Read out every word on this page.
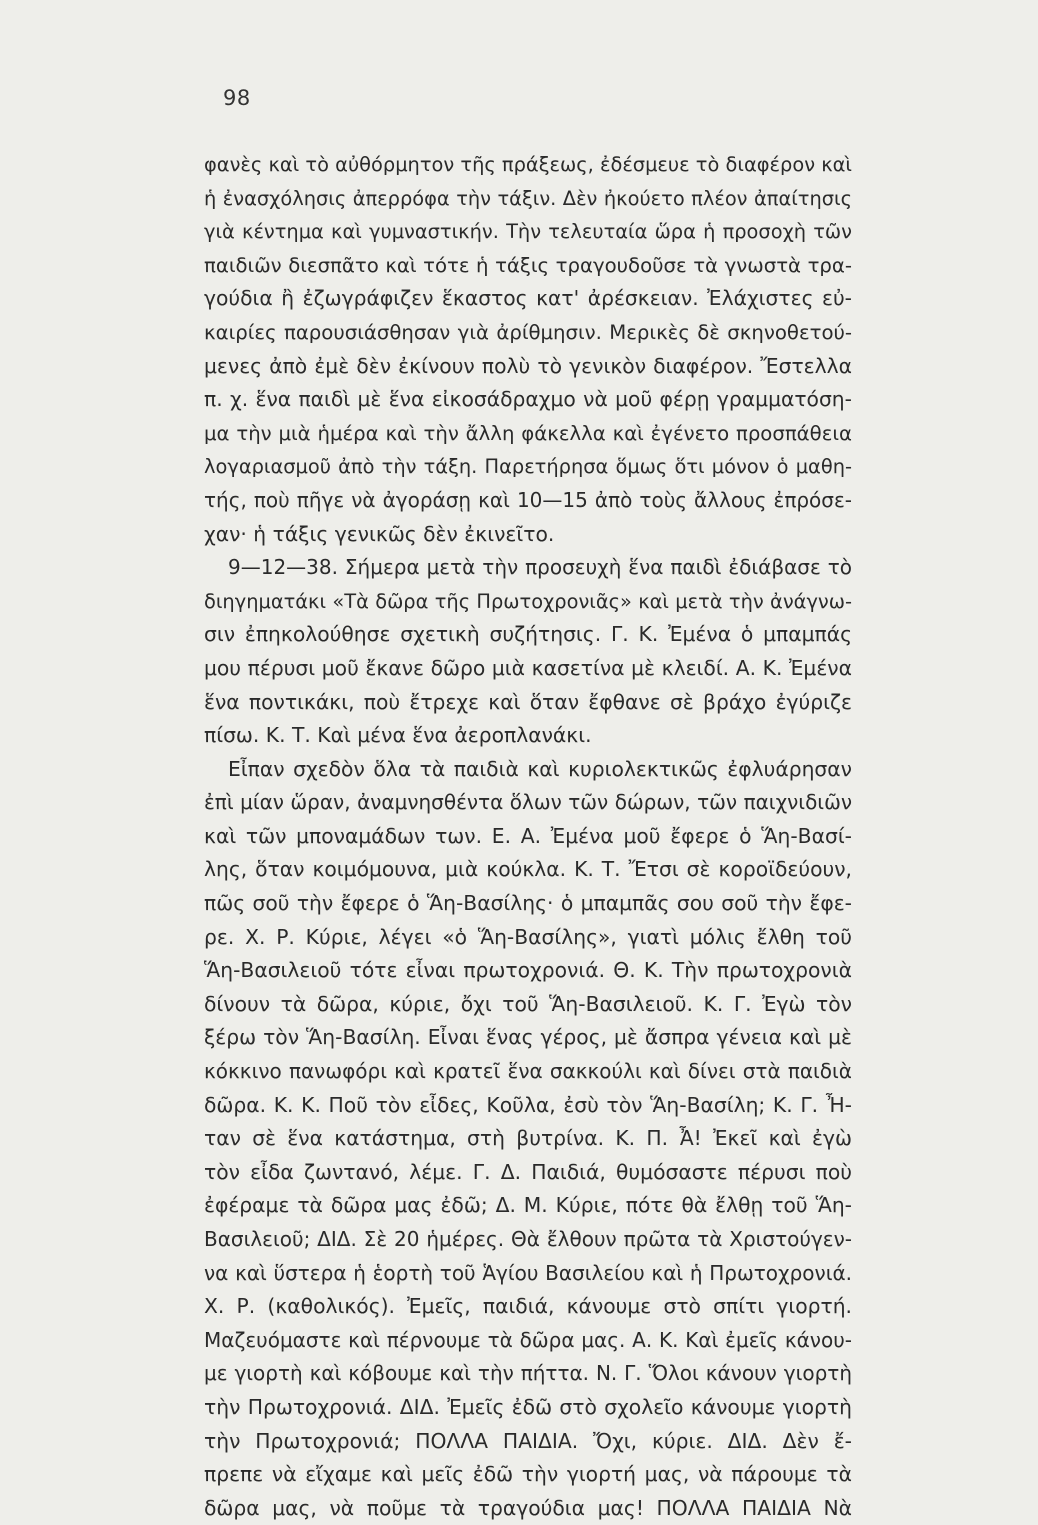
98
φανὲς καὶ τὸ αὐθόρμητον τῆς πράξεως, ἐδέσμευε τὸ διαφέρον καὶ
ἡ ἐνασχόλησις ἀπερρόφα τὴν τάξιν. Δὲν ἠκούετο πλέον ἀπαίτησις
γιὰ κέντημα καὶ γυμναστικήν. Τὴν τελευταία ὥρα ἡ προσοχὴ τῶν
παιδιῶν διεσπᾶτο καὶ τότε ἡ τάξις τραγουδοῦσε τὰ γνωστὰ τρα-
γούδια ἢ ἐζωγράφιζεν ἕκαστος κατ' ἀρέσκειαν. Ἐλάχιστες εὐ-
καιρίες παρουσιάσθησαν γιὰ ἀρίθμησιν. Μερικὲς δὲ σκηνοθετού-
μενες ἀπὸ ἐμὲ δὲν ἐκίνουν πολὺ τὸ γενικὸν διαφέρον. Ἔστελλα
π. χ. ἕνα παιδὶ μὲ ἕνα εἰκοσάδραχμο νὰ μοῦ φέρῃ γραμματόση-
μα τὴν μιὰ ἡμέρα καὶ τὴν ἄλλη φάκελλα καὶ ἐγένετο προσπάθεια
λογαριασμοῦ ἀπὸ τὴν τάξη. Παρετήρησα ὅμως ὅτι μόνον ὁ μαθη-
τής, ποὺ πῆγε νὰ ἀγοράσῃ καὶ 10—15 ἀπὸ τοὺς ἄλλους ἐπρόσε-
χαν· ἡ τάξις γενικῶς δὲν ἐκινεῖτο.
9—12—38. Σήμερα μετὰ τὴν προσευχὴ ἕνα παιδὶ ἐδιάβασε τὸ
διηγηματάκι «Τὰ δῶρα τῆς Πρωτοχρονιᾶς» καὶ μετὰ τὴν ἀνάγνω-
σιν ἐπηκολούθησε σχετικὴ συζήτησις. Γ. Κ. Ἐμένα ὁ μπαμπάς
μου πέρυσι μοῦ ἔκανε δῶρο μιὰ κασετίνα μὲ κλειδί. Α. Κ. Ἐμένα
ἕνα ποντικάκι, ποὺ ἔτρεχε καὶ ὅταν ἔφθανε σὲ βράχο ἐγύριζε
πίσω. Κ. Τ. Καὶ μένα ἕνα ἀεροπλανάκι.
Εἶπαν σχεδὸν ὅλα τὰ παιδιὰ καὶ κυριολεκτικῶς ἐφλυάρησαν
ἐπὶ μίαν ὥραν, ἀναμνησθέντα ὅλων τῶν δώρων, τῶν παιχνιδιῶν
καὶ τῶν μποναμάδων των. Ε. Α. Ἐμένα μοῦ ἔφερε ὁ Ἅη-Βασί-
λης, ὅταν κοιμόμουνα, μιὰ κούκλα. Κ. Τ. Ἔτσι σὲ κοροϊδεύουν,
πῶς σοῦ τὴν ἔφερε ὁ Ἅη-Βασίλης· ὁ μπαμπᾶς σου σοῦ τὴν ἔφε-
ρε. Χ. Ρ. Κύριε, λέγει «ὁ Ἅη-Βασίλης», γιατὶ μόλις ἔλθη τοῦ
Ἅη-Βασιλειοῦ τότε εἶναι πρωτοχρονιά. Θ. Κ. Τὴν πρωτοχρονιὰ
δίνουν τὰ δῶρα, κύριε, ὄχι τοῦ Ἅη-Βασιλειοῦ. Κ. Γ. Ἐγὼ τὸν
ξέρω τὸν Ἅη-Βασίλη. Εἶναι ἕνας γέρος, μὲ ἄσπρα γένεια καὶ μὲ
κόκκινο πανωφόρι καὶ κρατεῖ ἕνα σακκούλι καὶ δίνει στὰ παιδιὰ
δῶρα. Κ. Κ. Ποῦ τὸν εἶδες, Κοῦλα, ἐσὺ τὸν Ἅη-Βασίλη; Κ. Γ. Ἦ-
ταν σὲ ἕνα κατάστημα, στὴ βυτρίνα. Κ. Π. Ἆ! Ἐκεῖ καὶ ἐγὼ
τὸν εἶδα ζωντανό, λέμε. Γ. Δ. Παιδιά, θυμόσαστε πέρυσι ποὺ
ἐφέραμε τὰ δῶρα μας ἐδῶ; Δ. Μ. Κύριε, πότε θὰ ἔλθῃ τοῦ Ἅη-
Βασιλειοῦ; ΔΙΔ. Σὲ 20 ἡμέρες. Θὰ ἔλθουν πρῶτα τὰ Χριστούγεν-
να καὶ ὕστερα ἡ ἑορτὴ τοῦ Ἁγίου Βασιλείου καὶ ἡ Πρωτοχρονιά.
Χ. Ρ. (καθολικός). Ἐμεῖς, παιδιά, κάνουμε στὸ σπίτι γιορτή.
Μαζευόμαστε καὶ πέρνουμε τὰ δῶρα μας. Α. Κ. Καὶ ἐμεῖς κάνου-
με γιορτὴ καὶ κόβουμε καὶ τὴν πήττα. Ν. Γ. Ὅλοι κάνουν γιορτὴ
τὴν Πρωτοχρονιά. ΔΙΔ. Ἐμεῖς ἐδῶ στὸ σχολεῖο κάνουμε γιορτὴ
τὴν Πρωτοχρονιά; ΠΟΛΛΑ ΠΑΙΔΙΑ. Ὄχι, κύριε. ΔΙΔ. Δὲν ἔ-
πρεπε νὰ εἴχαμε καὶ μεῖς ἐδῶ τὴν γιορτή μας, νὰ πάρουμε τὰ
δῶρα μας, νὰ ποῦμε τὰ τραγούδια μας! ΠΟΛΛΑ ΠΑΙΔΙΑ Νὰ
